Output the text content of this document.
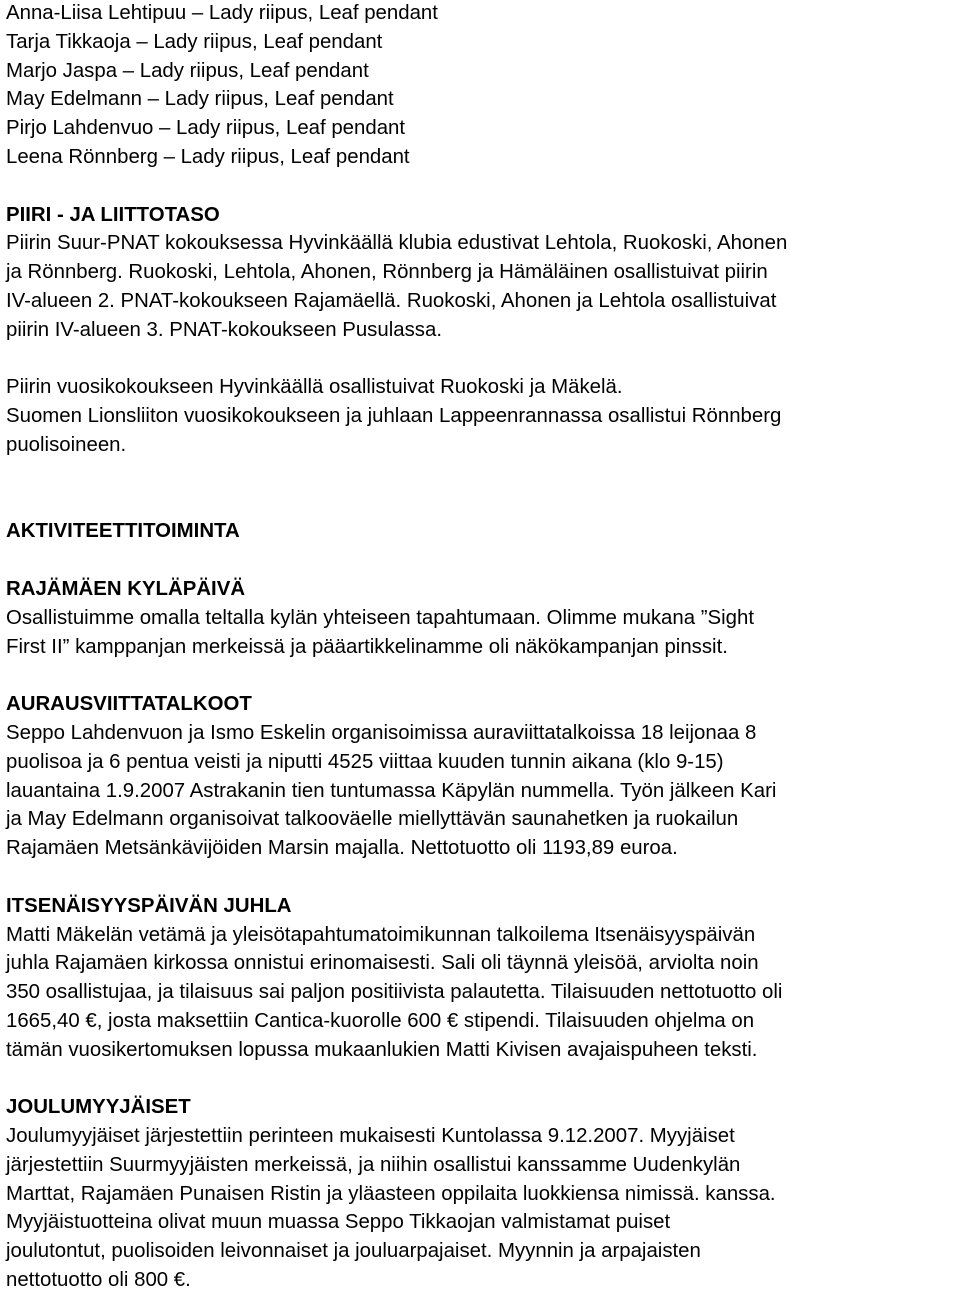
Anna-Liisa Lehtipuu – Lady riipus, Leaf pendant

Tarja Tikkaoja – Lady riipus, Leaf pendant

Marjo Jaspa – Lady riipus, Leaf pendant

May Edelmann – Lady riipus, Leaf pendant

Pirjo Lahdenvuo – Lady riipus, Leaf pendant

Leena Rönnberg – Lady riipus, Leaf pendant

PIIRI - JA LIITTOTASO

Piirin Suur-PNAT kokouksessa Hyvinkäällä klubia edustivat Lehtola, Ruokoski, Ahonen

ja Rönnberg. Ruokoski, Lehtola, Ahonen, Rönnberg ja Hämäläinen osallistuivat piirin

IV-alueen 2. PNAT-kokoukseen Rajamäellä. Ruokoski, Ahonen ja Lehtola osallistuivat

piirin IV-alueen 3. PNAT-kokoukseen Pusulassa.

Piirin vuosikokoukseen Hyvinkäällä osallistuivat Ruokoski ja Mäkelä.

Suomen Lionsliiton vuosikokoukseen ja juhlaan Lappeenrannassa osallistui Rönnberg

puolisoineen.

AKTIVITEETTITOIMINTA

RAJÄMÄEN KYLÄPÄIVÄ

Osallistuimme omalla teltalla kylän yhteiseen tapahtumaan. Olimme mukana ”Sight

First II” kamppanjan merkeissä ja pääartikkelinamme oli näkökampanjan pinssit.

AURAUSVIITTATALKOOT

Seppo Lahdenvuon ja Ismo Eskelin organisoimissa auraviittatalkoissa 18 leijonaa 8

puolisoa ja 6 pentua veisti ja niputti 4525 viittaa kuuden tunnin aikana (klo 9-15)

lauantaina 1.9.2007 Astrakanin tien tuntumassa Käpylän nummella. Työn jälkeen Kari

ja May Edelmann organisoivat talkooväelle miellyttävän saunahetken ja ruokailun

Rajamäen Metsänkävijöiden Marsin majalla. Nettotuotto oli 1193,89 euroa.

ITSENÄISYYSPÄIVÄN JUHLA

Matti Mäkelän vetämä ja yleisötapahtumatoimikunnan talkoilema Itsenäisyyspäivän

juhla Rajamäen kirkossa onnistui erinomaisesti. Sali oli täynnä yleisöä, arviolta noin

350 osallistujaa, ja tilaisuus sai paljon positiivista palautetta. Tilaisuuden nettotuotto oli

1665,40 €, josta maksettiin Cantica-kuorolle 600 € stipendi. Tilaisuuden ohjelma on

tämän vuosikertomuksen lopussa mukaanlukien Matti Kivisen avajaispuheen teksti.

JOULUMYYJÄISET

Joulumyyjäiset järjestettiin perinteen mukaisesti Kuntolassa 9.12.2007. Myyjäiset

järjestettiin Suurmyyjäisten merkeissä, ja niihin osallistui kanssamme Uudenkylän

Marttat, Rajamäen Punaisen Ristin ja yläasteen oppilaita luokkiensa nimissä. kanssa.

Myyjäistuotteina olivat muun muassa Seppo Tikkaojan valmistamat puiset

joulutontut, puolisoiden leivonnaiset ja jouluarpajaiset. Myynnin ja arpajaisten

nettotuotto oli 800 €.
